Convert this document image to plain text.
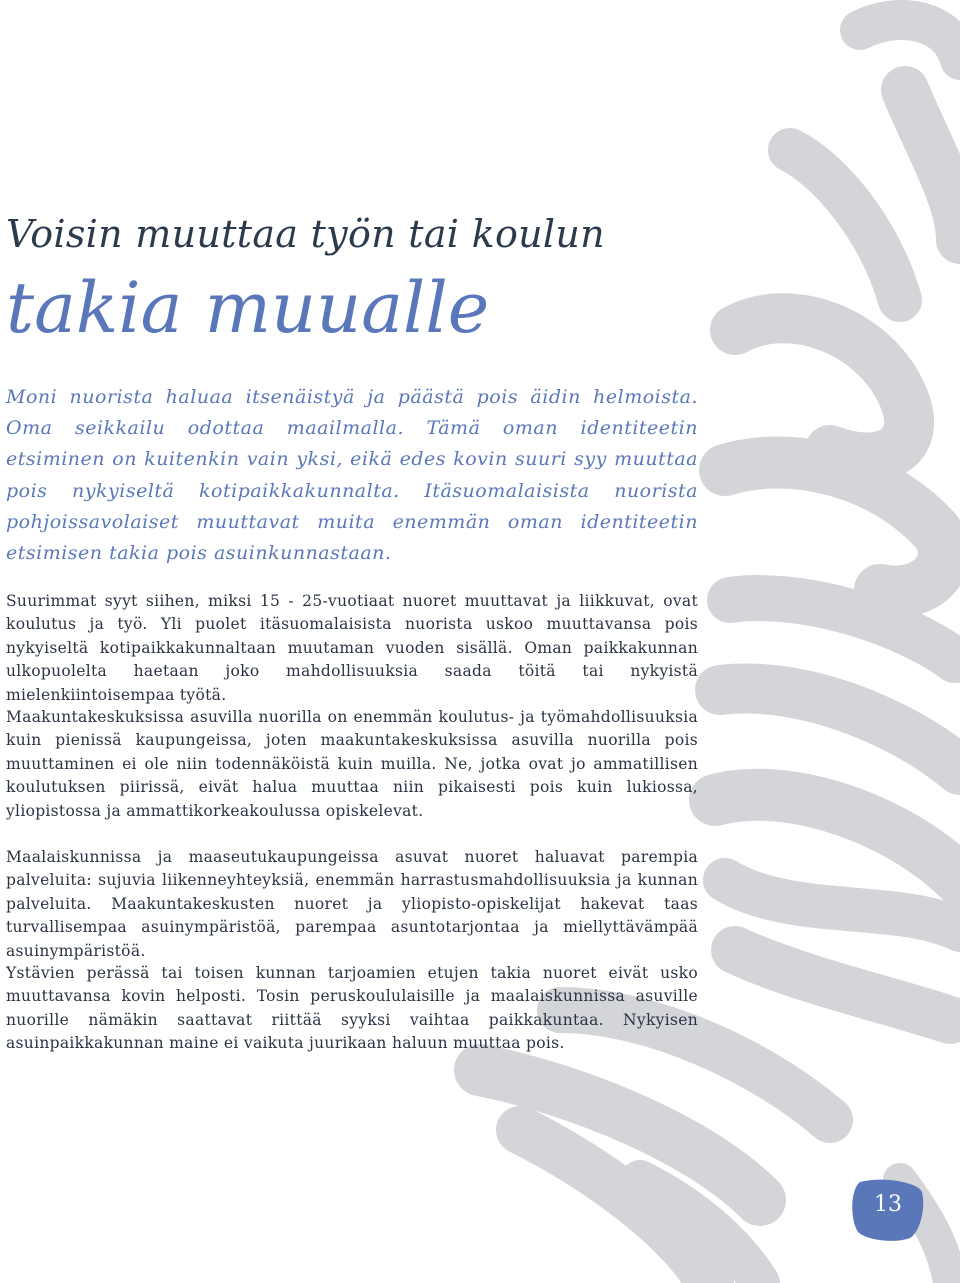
Voisin muuttaa työn tai koulun
takia muualle

Moni nuorista haluaa itsenäistyä ja päästä pois äidin helmoista. Oma seikkailu odottaa maailmalla. Tämä oman identiteetin etsiminen on kuitenkin vain yksi, eikä edes kovin suuri syy muuttaa pois nykyiseltä kotipaikkakunnalta. Itäsuomalaisista nuorista pohjoissavolaiset muuttavat muita enemmän oman identiteetin etsimisen takia pois asuinkunnastaan.

Suurimmat syyt siihen, miksi 15 - 25-vuotiaat nuoret muuttavat ja liikkuvat, ovat koulutus ja työ. Yli puolet itäsuomalaisista nuorista uskoo muuttavansa pois nykyiseltä kotipaikkakunnaltaan muutaman vuoden sisällä. Oman paikkakunnan ulkopuolelta haetaan joko mahdollisuuksia saada töitä tai nykyistä mielenkiintoisempaa työtä.

Maakuntakeskuksissa asuvilla nuorilla on enemmän koulutus- ja työmahdollisuuksia kuin pienissä kaupungeissa, joten maakuntakeskuksissa asuvilla nuorilla pois muuttaminen ei ole niin todennäköistä kuin muilla. Ne, jotka ovat jo ammatillisen koulutuksen piirissä, eivät halua muuttaa niin pikaisesti pois kuin lukiossa, yliopistossa ja ammattikorkeakoulussa opiskelevat.

Maalaiskunnissa ja maaseutukaupungeissa asuvat nuoret haluavat parempia palveluita: sujuvia liikenneyhteyksiä, enemmän harrastusmahdollisuuksia ja kunnan palveluita. Maakuntakeskusten nuoret ja yliopisto-opiskelijat hakevat taas turvallisempaa asuinympäristöä, parempaa asuntotarjontaa ja miellyttävämpää asuinympäristöä.

Ystävien perässä tai toisen kunnan tarjoamien etujen takia nuoret eivät usko muuttavansa kovin helposti. Tosin peruskoululaisille ja maalaiskunnissa asuville nuorille nämäkin saattavat riittää syyksi vaihtaa paikkakuntaa. Nykyisen asuinpaikkakunnan maine ei vaikuta juurikaan haluun muuttaa pois.

13
